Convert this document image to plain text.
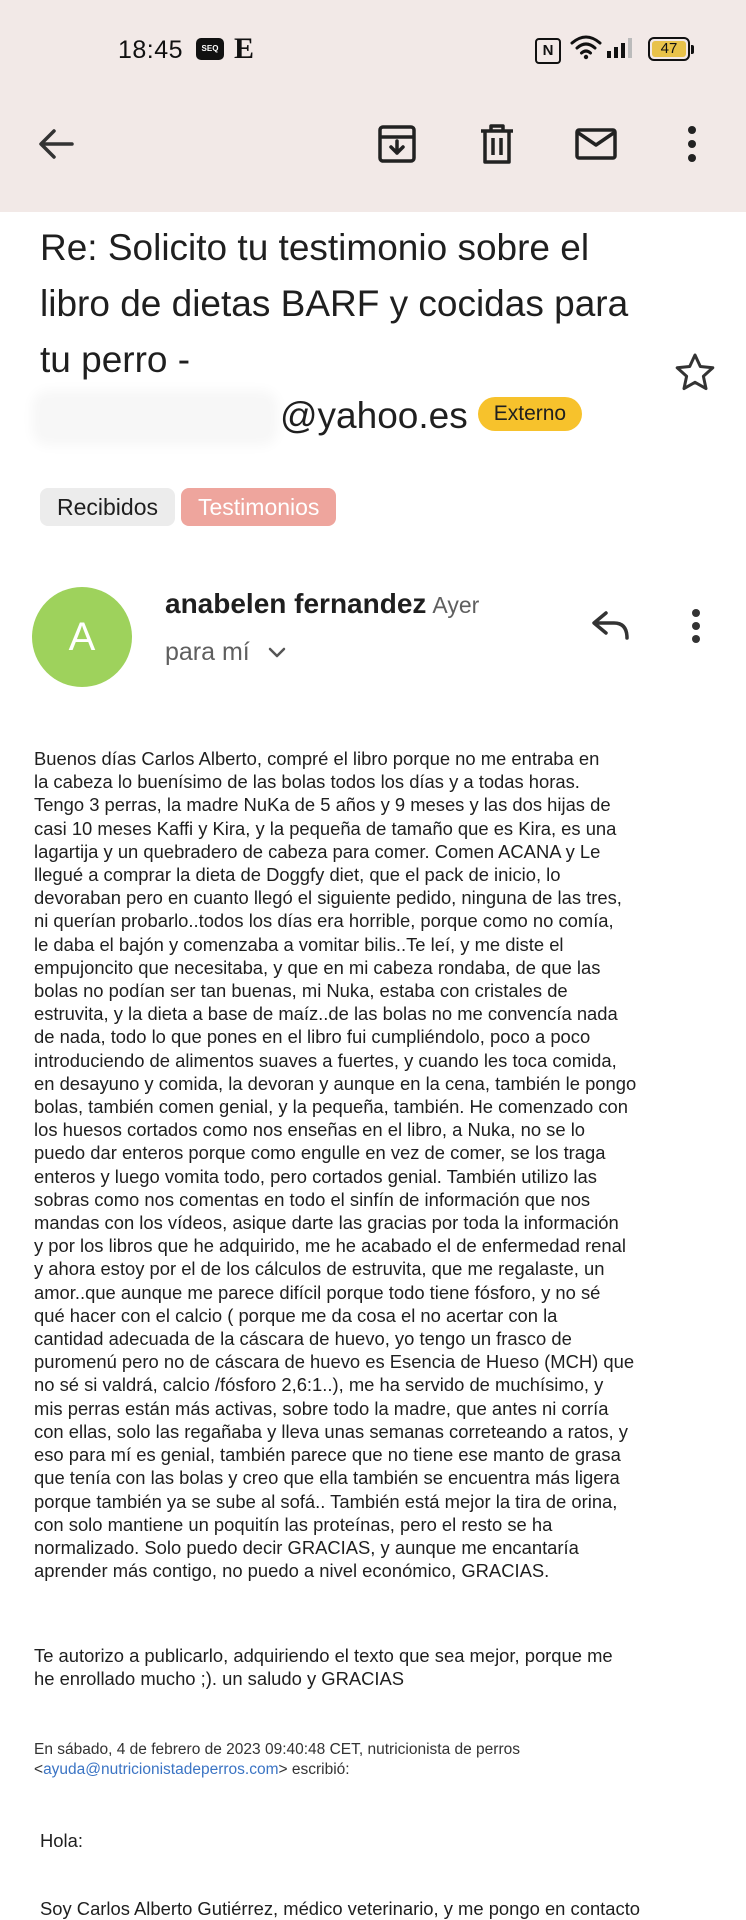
18:45	SEQ E	N	47
Re: Solicito tu testimonio sobre el libro de dietas BARF y cocidas para tu perro -
@yahoo.es Externo
Recibidos Testimonios
A
anabelen fernandez Ayer
para mí
Buenos días Carlos Alberto, compré el libro porque no me entraba en
la cabeza lo buenísimo de las bolas todos los días y a todas horas.
Tengo 3 perras, la madre NuKa de 5 años y 9 meses y las dos hijas de
casi 10 meses Kaffi y Kira, y la pequeña de tamaño que es Kira, es una
lagartija y un quebradero de cabeza para comer. Comen ACANA y Le
llegué a comprar la dieta de Doggfy diet, que el pack de inicio, lo
devoraban pero en cuanto llegó el siguiente pedido, ninguna de las tres,
ni querían probarlo..todos los días era horrible, porque como no comía,
le daba el bajón y comenzaba a vomitar bilis..Te leí, y me diste el
empujoncito que necesitaba, y que en mi cabeza rondaba, de que las
bolas no podían ser tan buenas, mi Nuka, estaba con cristales de
estruvita, y la dieta a base de maíz..de las bolas no me convencía nada
de nada, todo lo que pones en el libro fui cumpliéndolo, poco a poco
introduciendo de alimentos suaves a fuertes, y cuando les toca comida,
en desayuno y comida, la devoran y aunque en la cena, también le pongo
bolas, también comen genial, y la pequeña, también. He comenzado con
los huesos cortados como nos enseñas en el libro, a Nuka, no se lo
puedo dar enteros porque como engulle en vez de comer, se los traga
enteros y luego vomita todo, pero cortados genial. También utilizo las
sobras como nos comentas en todo el sinfín de información que nos
mandas con los vídeos, asique darte las gracias por toda la información
y por los libros que he adquirido, me he acabado el de enfermedad renal
y ahora estoy por el de los cálculos de estruvita, que me regalaste, un
amor..que aunque me parece difícil porque todo tiene fósforo, y no sé
qué hacer con el calcio ( porque me da cosa el no acertar con la
cantidad adecuada de la cáscara de huevo, yo tengo un frasco de
puromenú pero no de cáscara de huevo es Esencia de Hueso (MCH) que
no sé si valdrá, calcio /fósforo 2,6:1..), me ha servido de muchísimo, y
mis perras están más activas, sobre todo la madre, que antes ni corría
con ellas, solo las regañaba y lleva unas semanas correteando a ratos, y
eso para mí es genial, también parece que no tiene ese manto de grasa
que tenía con las bolas y creo que ella también se encuentra más ligera
porque también ya se sube al sofá.. También está mejor la tira de orina,
con solo mantiene un poquitín las proteínas, pero el resto se ha
normalizado. Solo puedo decir GRACIAS, y aunque me encantaría
aprender más contigo, no puedo a nivel económico, GRACIAS.
Te autorizo a publicarlo, adquiriendo el texto que sea mejor, porque me
he enrollado mucho ;). un saludo y GRACIAS
En sábado, 4 de febrero de 2023 09:40:48 CET, nutricionista de perros
<ayuda@nutricionistadeperros.com> escribió:
Hola:
Soy Carlos Alberto Gutiérrez, médico veterinario, y me pongo en contacto
